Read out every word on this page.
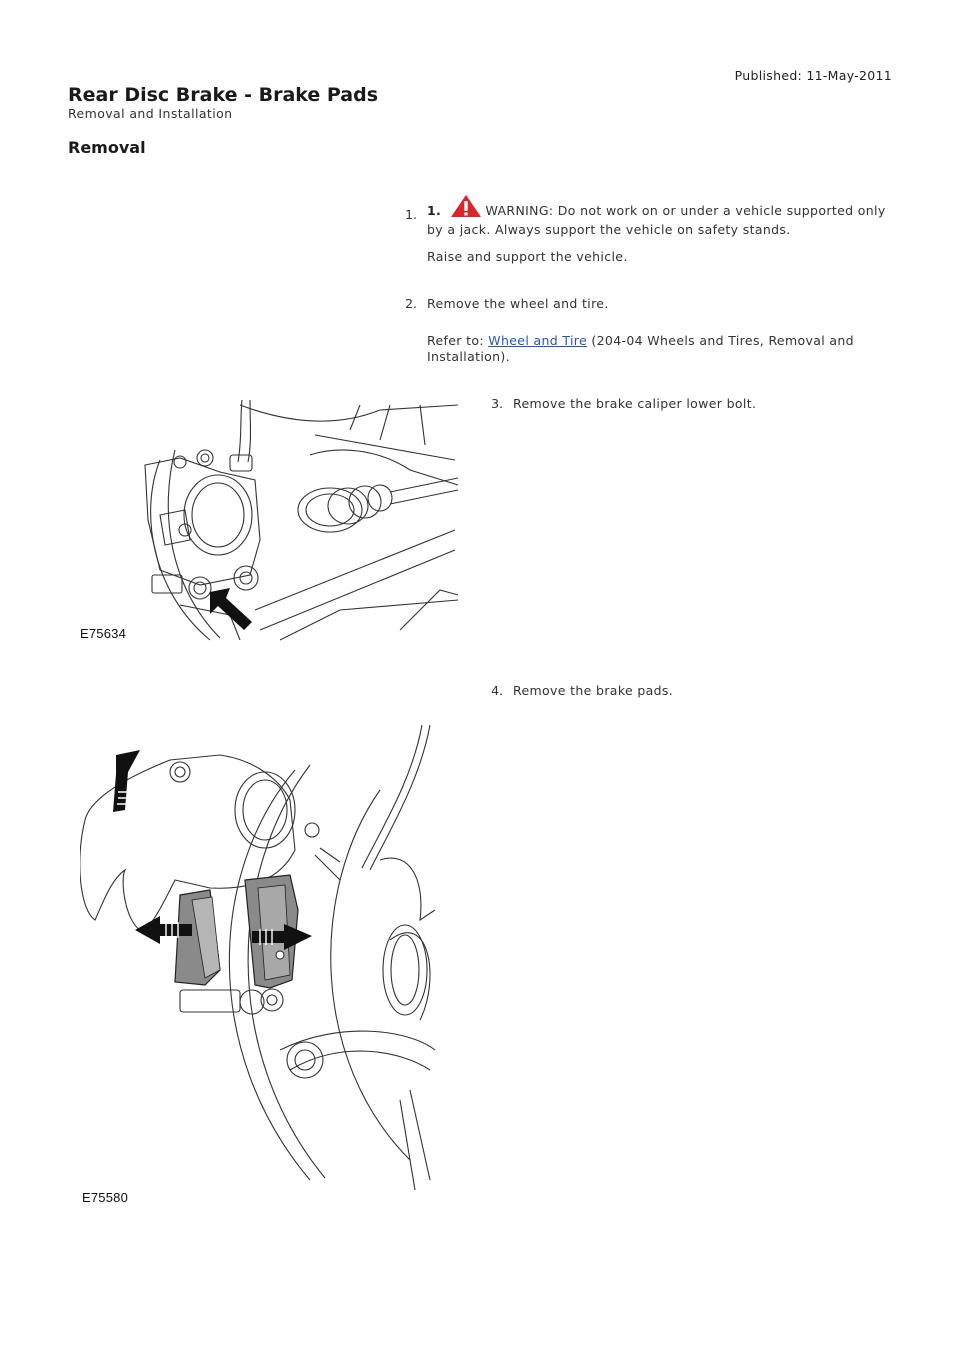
Published: 11-May-2011
Rear Disc Brake - Brake Pads
Removal and Installation
Removal
1. 1.	WARNING: Do not work on or under a vehicle supported only by a jack. Always support the vehicle on safety stands.
Raise and support the vehicle.
2. Remove the wheel and tire.
Refer to: Wheel and Tire (204-04 Wheels and Tires, Removal and Installation).
3. Remove the brake caliper lower bolt.
E75634
4. Remove the brake pads.
E75580
